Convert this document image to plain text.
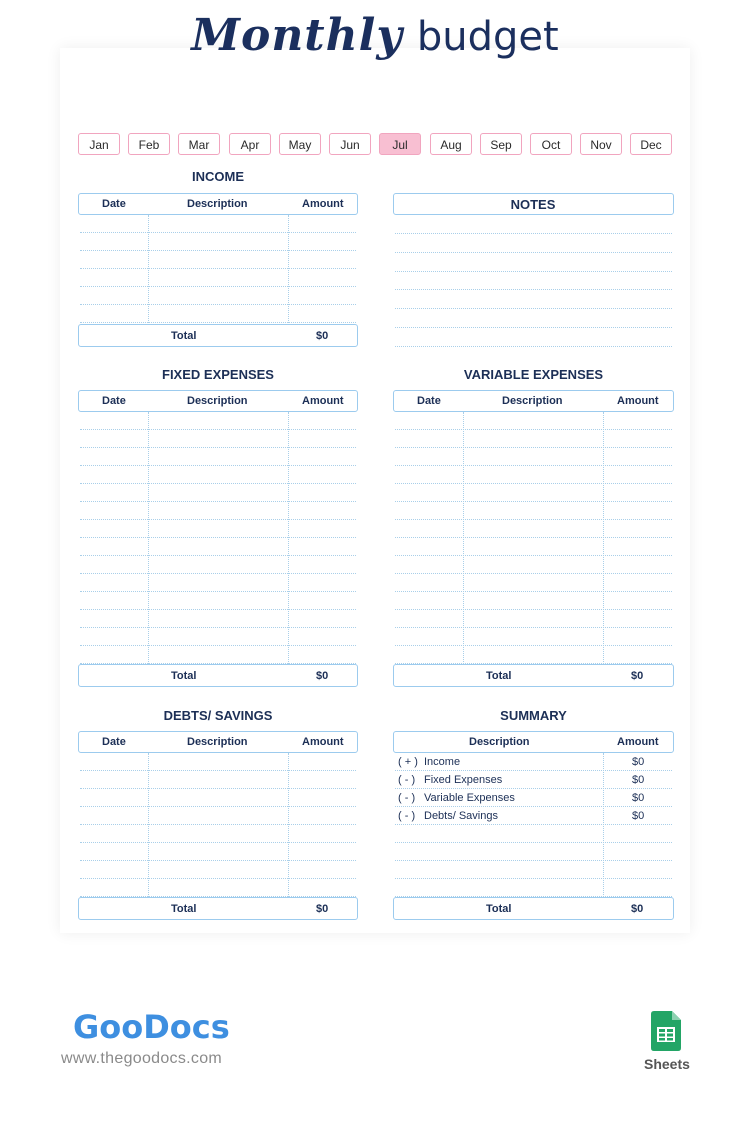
Monthly budget
Jan	Feb	Mar	Apr	May	Jun	Jul	Aug	Sep	Oct	Nov	Dec
INCOME
Date	Description	Amount
Total	$0
NOTES
FIXED EXPENSES
Date	Description	Amount
Total	$0
VARIABLE EXPENSES
Date	Description	Amount
Total	$0
DEBTS/ SAVINGS
Date	Description	Amount
Total	$0
SUMMARY
Description	Amount
( + ) Income	$0
( - ) Fixed Expenses	$0
( - ) Variable Expenses	$0
( - ) Debts/ Savings	$0
Total	$0
GooDocs
www.thegoodocs.com	Sheets
